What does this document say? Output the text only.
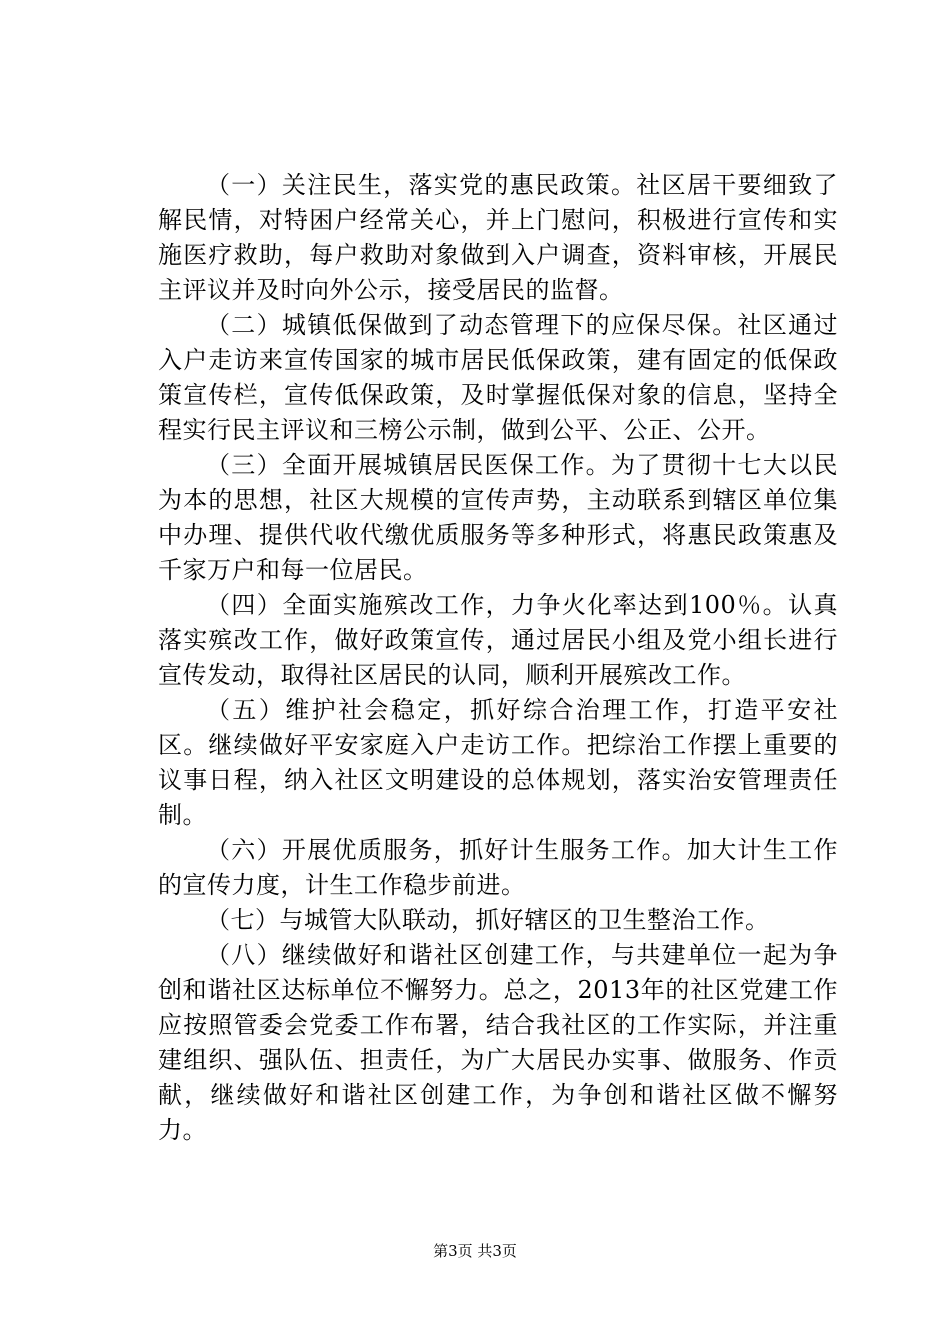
（一）关注民生，落实党的惠民政策。社区居干要细致了解民情，对特困户经常关心，并上门慰问，积极进行宣传和实施医疗救助，每户救助对象做到入户调查，资料审核，开展民主评议并及时向外公示，接受居民的监督。

（二）城镇低保做到了动态管理下的应保尽保。社区通过入户走访来宣传国家的城市居民低保政策，建有固定的低保政策宣传栏，宣传低保政策，及时掌握低保对象的信息，坚持全程实行民主评议和三榜公示制，做到公平、公正、公开。

（三）全面开展城镇居民医保工作。为了贯彻十七大以民为本的思想，社区大规模的宣传声势，主动联系到辖区单位集中办理、提供代收代缴优质服务等多种形式，将惠民政策惠及千家万户和每一位居民。

（四）全面实施殡改工作，力争火化率达到100％。认真落实殡改工作，做好政策宣传，通过居民小组及党小组长进行宣传发动，取得社区居民的认同，顺利开展殡改工作。

（五）维护社会稳定，抓好综合治理工作，打造平安社区。继续做好平安家庭入户走访工作。把综治工作摆上重要的议事日程，纳入社区文明建设的总体规划，落实治安管理责任制。

（六）开展优质服务，抓好计生服务工作。加大计生工作的宣传力度，计生工作稳步前进。

（七）与城管大队联动，抓好辖区的卫生整治工作。

（八）继续做好和谐社区创建工作，与共建单位一起为争创和谐社区达标单位不懈努力。总之，2013年的社区党建工作应按照管委会党委工作布署，结合我社区的工作实际，并注重建组织、强队伍、担责任，为广大居民办实事、做服务、作贡献，继续做好和谐社区创建工作，为争创和谐社区做不懈努力。

第3页 共3页
